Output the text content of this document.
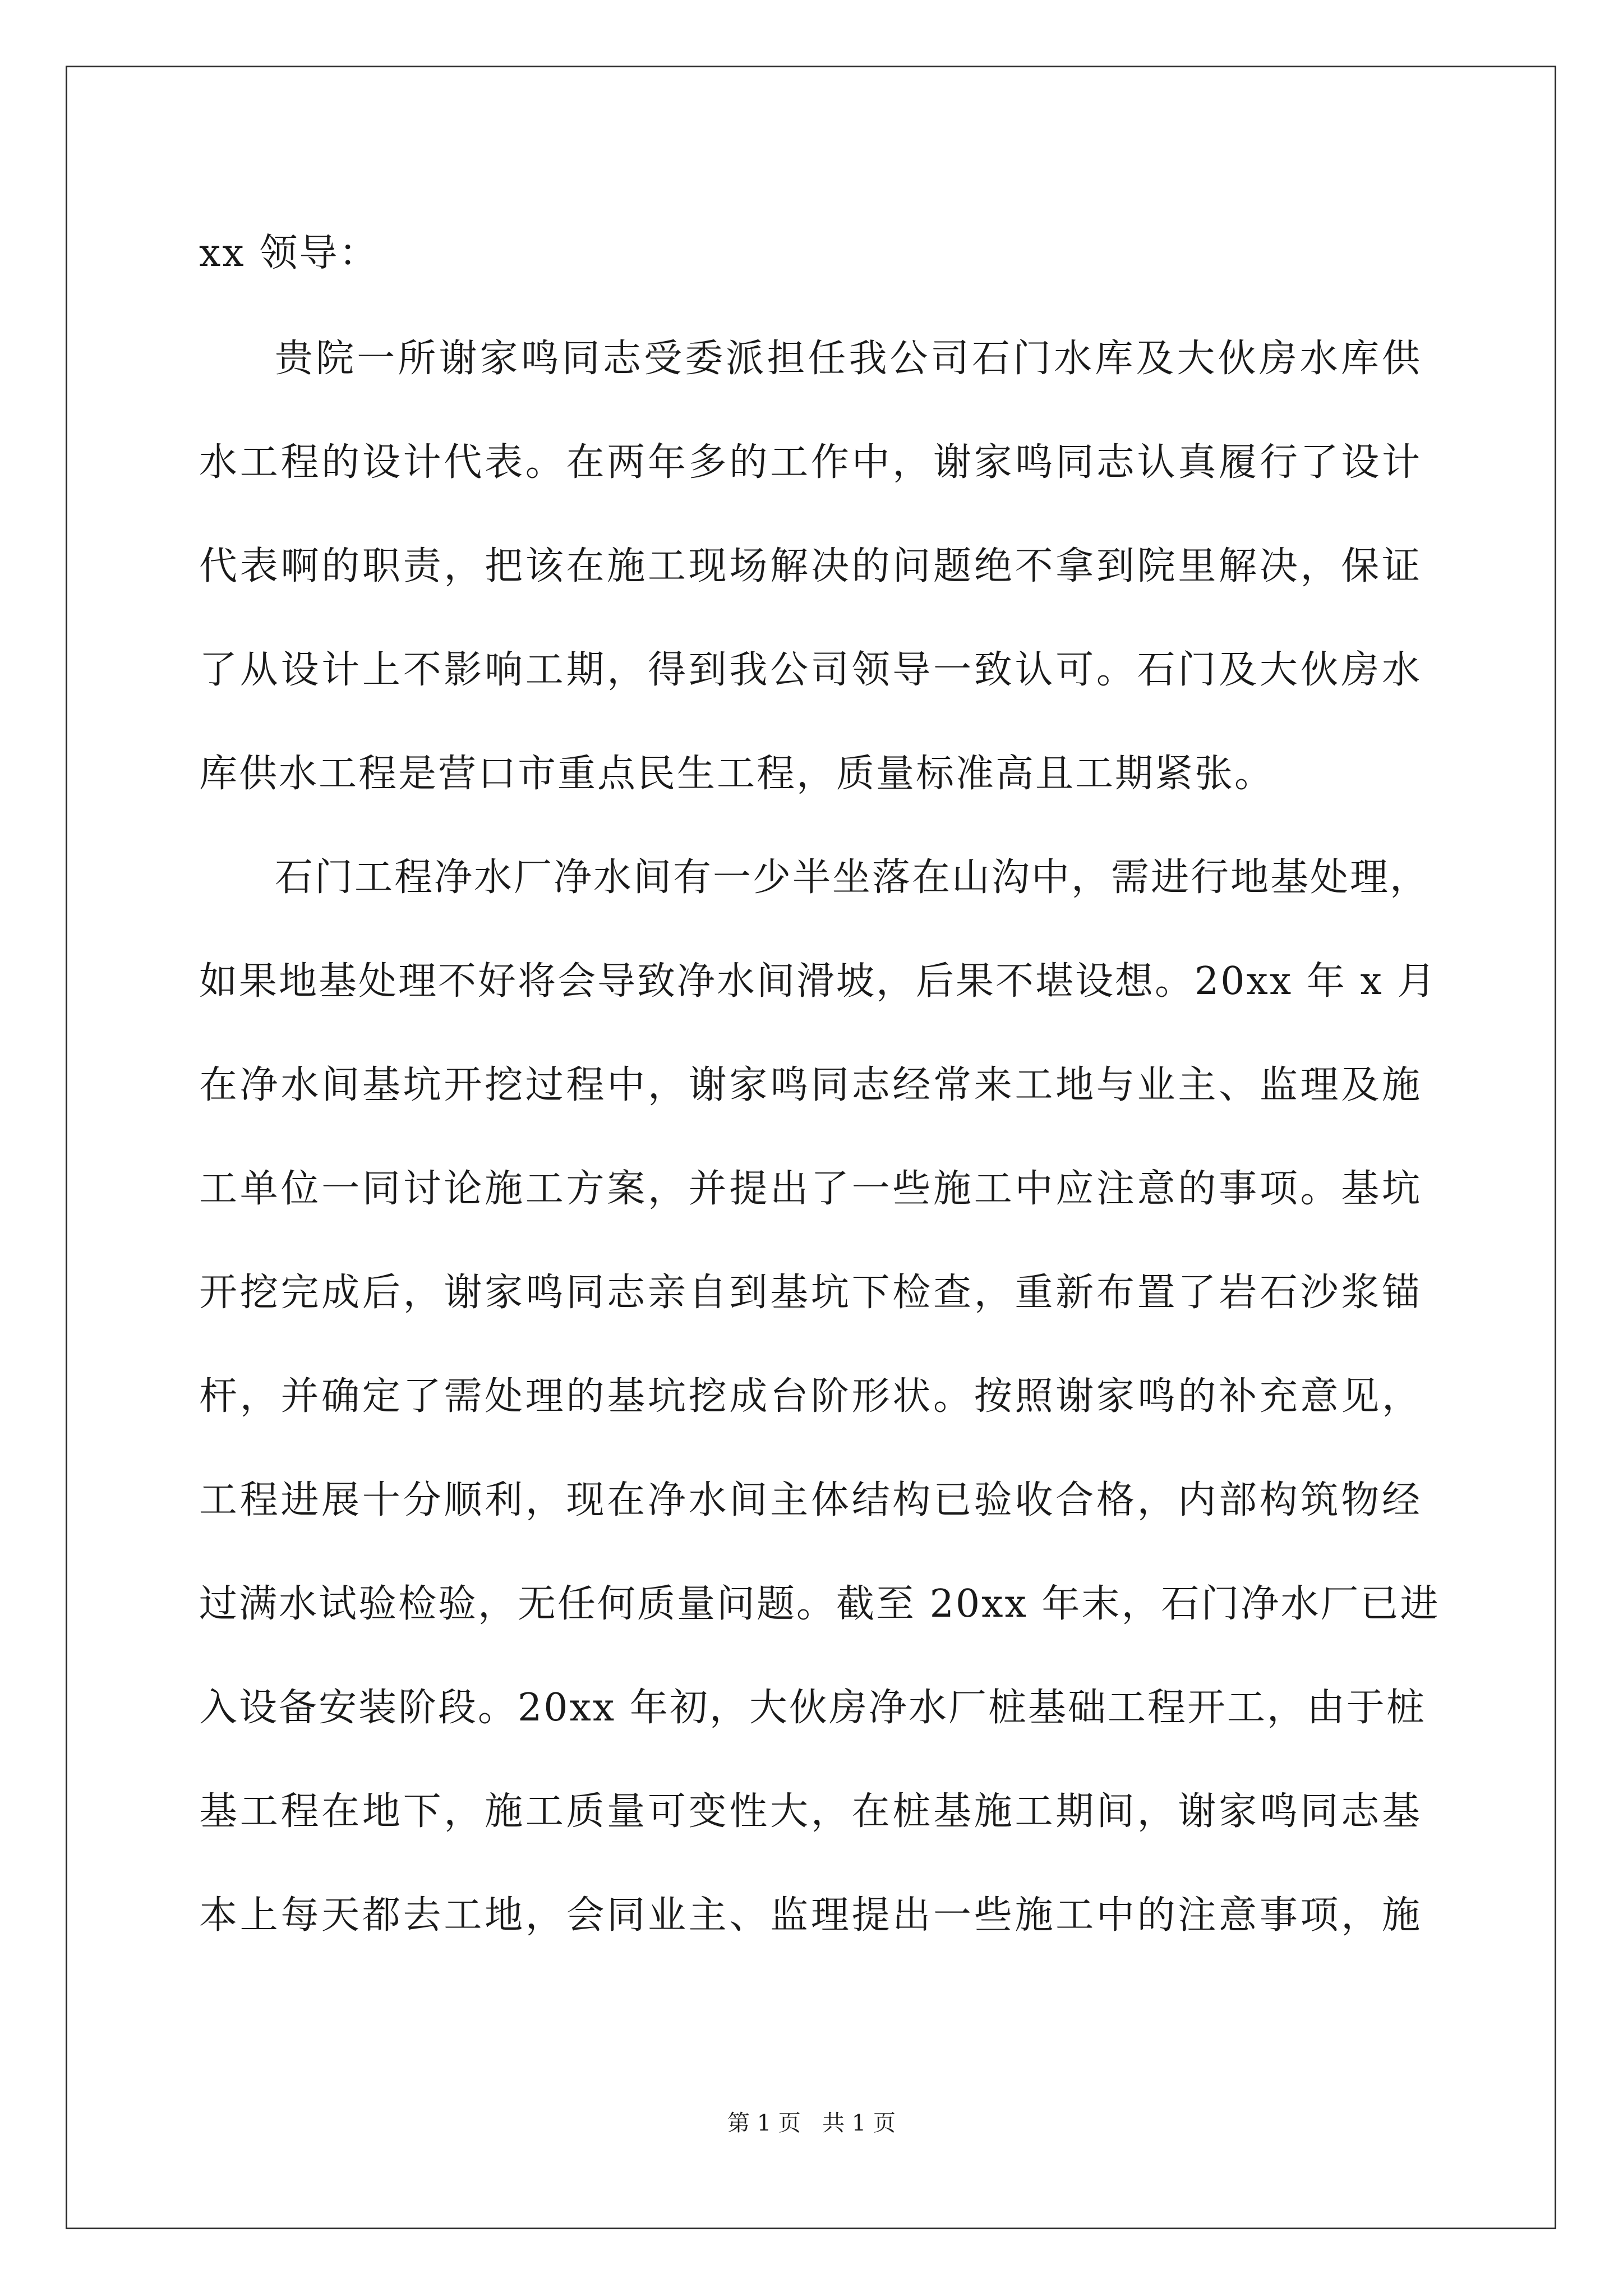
xx 领导：
贵院一所谢家鸣同志受委派担任我公司石门水库及大伙房水库供
水工程的设计代表。在两年多的工作中，谢家鸣同志认真履行了设计
代表啊的职责，把该在施工现场解决的问题绝不拿到院里解决，保证
了从设计上不影响工期，得到我公司领导一致认可。石门及大伙房水
库供水工程是营口市重点民生工程，质量标准高且工期紧张。
石门工程净水厂净水间有一少半坐落在山沟中，需进行地基处理，
如果地基处理不好将会导致净水间滑坡，后果不堪设想。20xx 年 x 月
在净水间基坑开挖过程中，谢家鸣同志经常来工地与业主、监理及施
工单位一同讨论施工方案，并提出了一些施工中应注意的事项。基坑
开挖完成后，谢家鸣同志亲自到基坑下检查，重新布置了岩石沙浆锚
杆，并确定了需处理的基坑挖成台阶形状。按照谢家鸣的补充意见，
工程进展十分顺利，现在净水间主体结构已验收合格，内部构筑物经
过满水试验检验，无任何质量问题。截至 20xx 年末，石门净水厂已进
入设备安装阶段。20xx 年初，大伙房净水厂桩基础工程开工，由于桩
基工程在地下，施工质量可变性大，在桩基施工期间，谢家鸣同志基
本上每天都去工地，会同业主、监理提出一些施工中的注意事项，施
第 1 页   共 1 页
